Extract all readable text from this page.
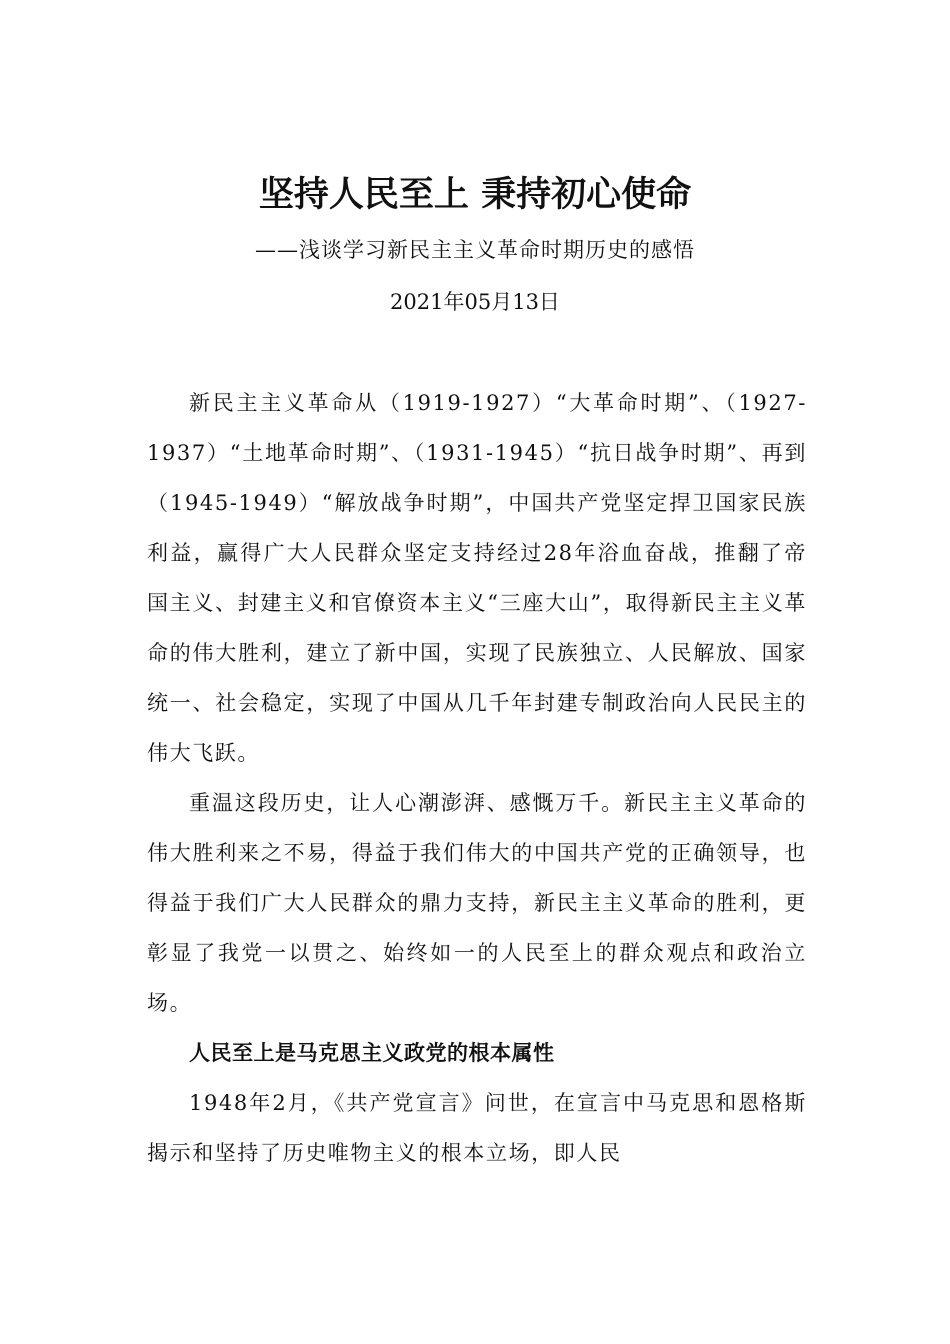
坚持人民至上 秉持初心使命

——浅谈学习新民主主义革命时期历史的感悟

2021年05月13日

新民主主义革命从（1919-1927）“大革命时期”、（1927-1937）“土地革命时期”、（1931-1945）“抗日战争时期”、再到（1945-1949）“解放战争时期”，中国共产党坚定捍卫国家民族利益，赢得广大人民群众坚定支持经过28年浴血奋战，推翻了帝国主义、封建主义和官僚资本主义“三座大山”，取得新民主主义革命的伟大胜利，建立了新中国，实现了民族独立、人民解放、国家统一、社会稳定，实现了中国从几千年封建专制政治向人民民主的伟大飞跃。

重温这段历史，让人心潮澎湃、感慨万千。新民主主义革命的伟大胜利来之不易，得益于我们伟大的中国共产党的正确领导，也得益于我们广大人民群众的鼎力支持，新民主主义革命的胜利，更彰显了我党一以贯之、始终如一的人民至上的群众观点和政治立场。

人民至上是马克思主义政党的根本属性

1948年2月，《共产党宣言》问世，在宣言中马克思和恩格斯揭示和坚持了历史唯物主义的根本立场，即人民
